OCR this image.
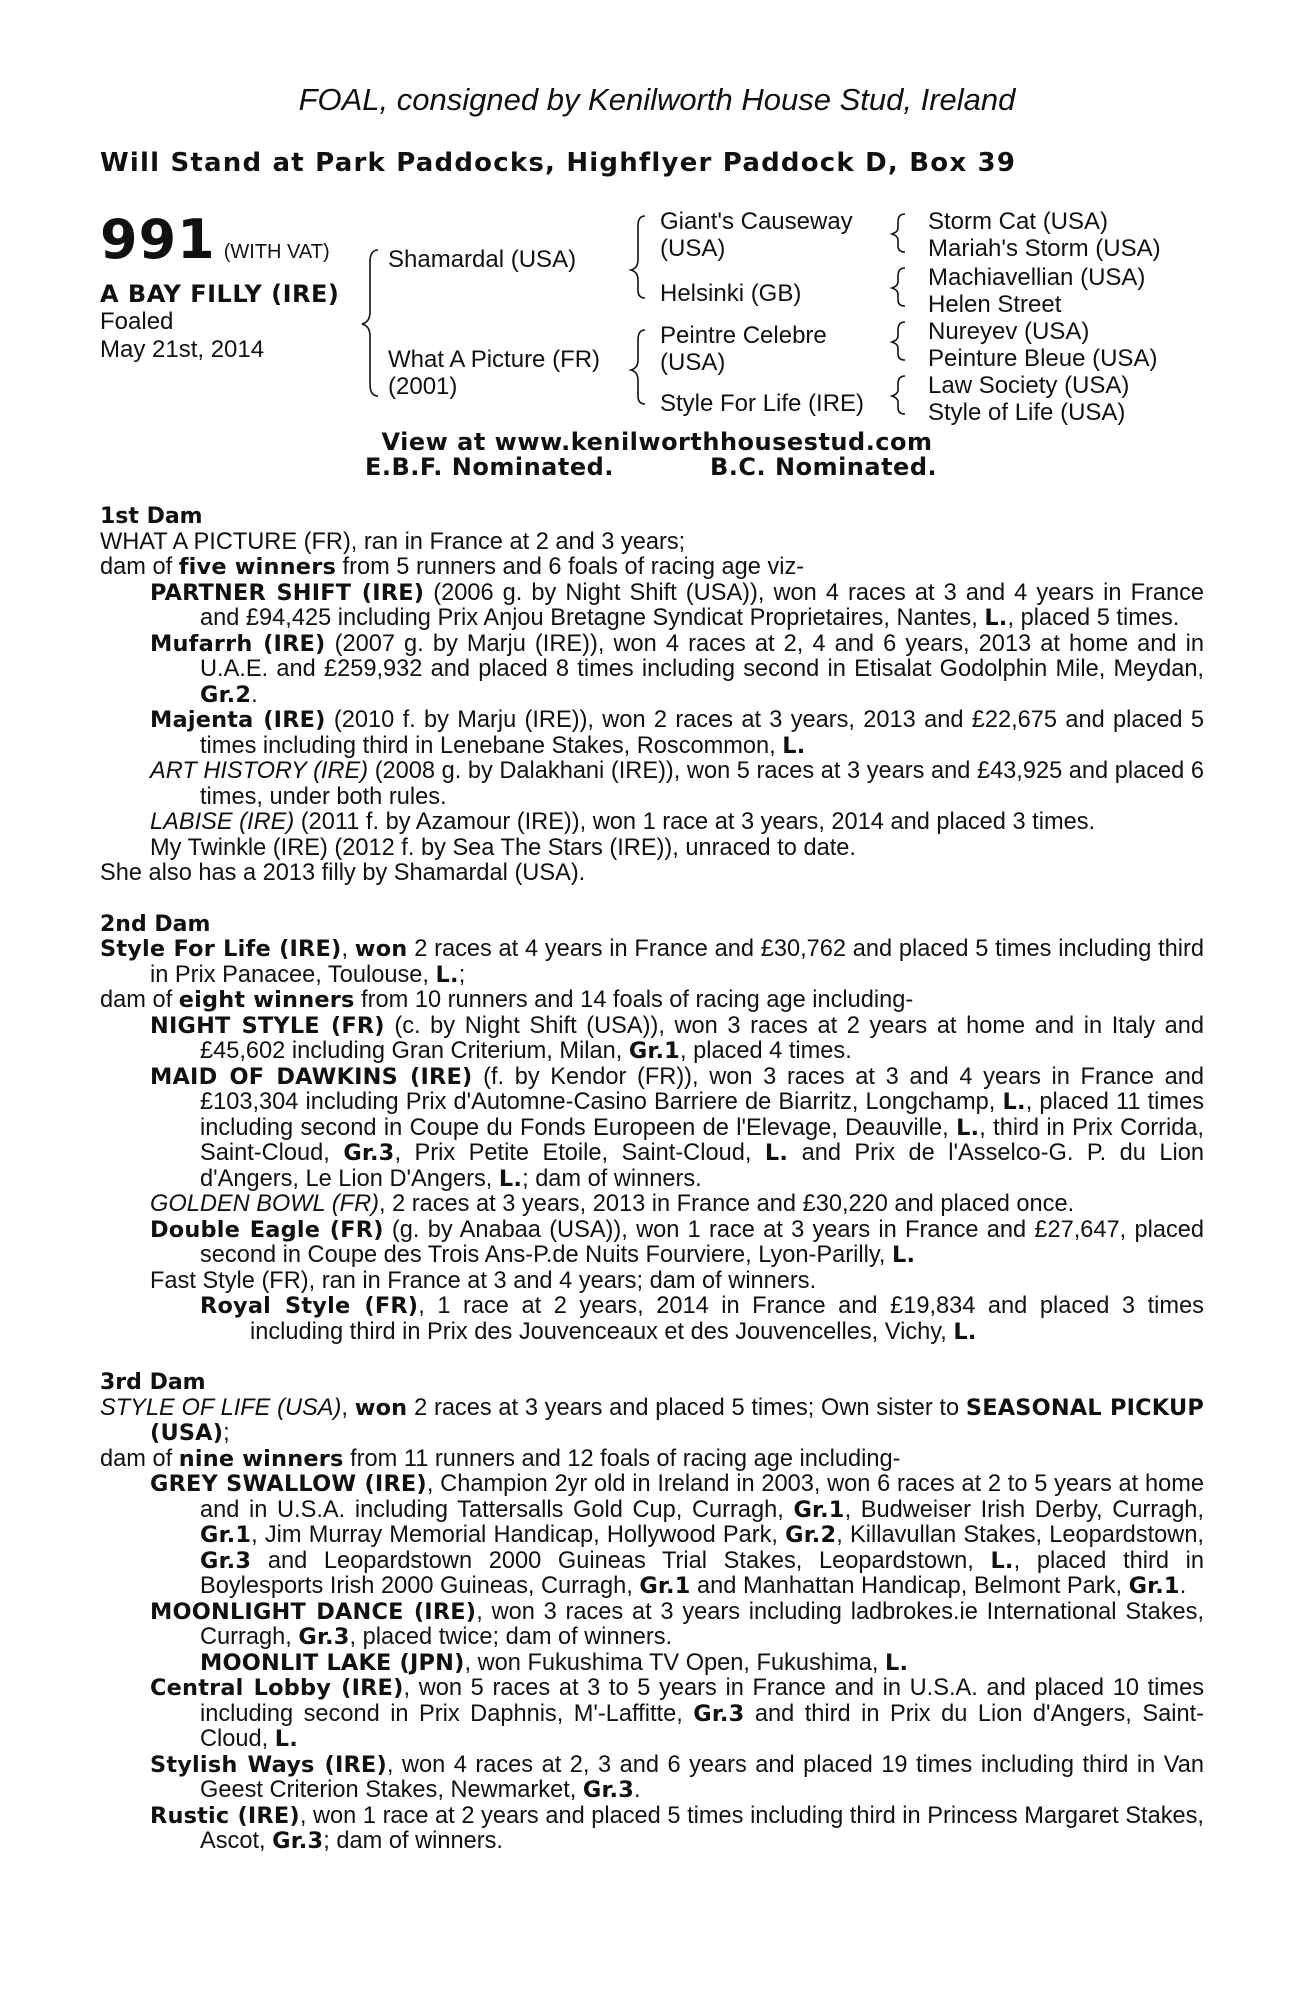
FOAL, consigned by Kenilworth House Stud, Ireland
Will Stand at Park Paddocks, Highflyer Paddock D, Box 39
991 (WITH VAT)
A BAY FILLY (IRE)
Foaled
May 21st, 2014
Shamardal (USA)
What A Picture (FR)
(2001)
Giant's Causeway
(USA)
Helsinki (GB)
Peintre Celebre
(USA)
Style For Life (IRE)
Storm Cat (USA)
Mariah's Storm (USA)
Machiavellian (USA)
Helen Street
Nureyev (USA)
Peinture Bleue (USA)
Law Society (USA)
Style of Life (USA)
View at www.kenilworthhousestud.com
E.B.F. Nominated.	B.C. Nominated.

1st Dam

WHAT A PICTURE (FR), ran in France at 2 and 3 years;

dam of five winners from 5 runners and 6 foals of racing age viz-

PARTNER SHIFT (IRE) (2006 g. by Night Shift (USA)), won 4 races at 3 and 4 years in France and £94,425 including Prix Anjou Bretagne Syndicat Proprietaires, Nantes, L., placed 5 times.

Mufarrh (IRE) (2007 g. by Marju (IRE)), won 4 races at 2, 4 and 6 years, 2013 at home and in U.A.E. and £259,932 and placed 8 times including second in Etisalat Godolphin Mile, Meydan, Gr.2.

Majenta (IRE) (2010 f. by Marju (IRE)), won 2 races at 3 years, 2013 and £22,675 and placed 5 times including third in Lenebane Stakes, Roscommon, L.

ART HISTORY (IRE) (2008 g. by Dalakhani (IRE)), won 5 races at 3 years and £43,925 and placed 6 times, under both rules.

LABISE (IRE) (2011 f. by Azamour (IRE)), won 1 race at 3 years, 2014 and placed 3 times.

My Twinkle (IRE) (2012 f. by Sea The Stars (IRE)), unraced to date.

She also has a 2013 filly by Shamardal (USA).

2nd Dam

Style For Life (IRE), won 2 races at 4 years in France and £30,762 and placed 5 times including third in Prix Panacee, Toulouse, L.;

dam of eight winners from 10 runners and 14 foals of racing age including-

NIGHT STYLE (FR) (c. by Night Shift (USA)), won 3 races at 2 years at home and in Italy and £45,602 including Gran Criterium, Milan, Gr.1, placed 4 times.

MAID OF DAWKINS (IRE) (f. by Kendor (FR)), won 3 races at 3 and 4 years in France and £103,304 including Prix d'Automne-Casino Barriere de Biarritz, Longchamp, L., placed 11 times including second in Coupe du Fonds Europeen de l'Elevage, Deauville, L., third in Prix Corrida, Saint-Cloud, Gr.3, Prix Petite Etoile, Saint-Cloud, L. and Prix de l'Asselco-G. P. du Lion d'Angers, Le Lion D'Angers, L.; dam of winners.

GOLDEN BOWL (FR), 2 races at 3 years, 2013 in France and £30,220 and placed once.

Double Eagle (FR) (g. by Anabaa (USA)), won 1 race at 3 years in France and £27,647, placed second in Coupe des Trois Ans-P.de Nuits Fourviere, Lyon-Parilly, L.

Fast Style (FR), ran in France at 3 and 4 years; dam of winners.

Royal Style (FR), 1 race at 2 years, 2014 in France and £19,834 and placed 3 times including third in Prix des Jouvenceaux et des Jouvencelles, Vichy, L.

3rd Dam

STYLE OF LIFE (USA), won 2 races at 3 years and placed 5 times; Own sister to SEASONAL PICKUP (USA);

dam of nine winners from 11 runners and 12 foals of racing age including-

GREY SWALLOW (IRE), Champion 2yr old in Ireland in 2003, won 6 races at 2 to 5 years at home and in U.S.A. including Tattersalls Gold Cup, Curragh, Gr.1, Budweiser Irish Derby, Curragh, Gr.1, Jim Murray Memorial Handicap, Hollywood Park, Gr.2, Killavullan Stakes, Leopardstown, Gr.3 and Leopardstown 2000 Guineas Trial Stakes, Leopardstown, L., placed third in Boylesports Irish 2000 Guineas, Curragh, Gr.1 and Manhattan Handicap, Belmont Park, Gr.1.

MOONLIGHT DANCE (IRE), won 3 races at 3 years including ladbrokes.ie International Stakes, Curragh, Gr.3, placed twice; dam of winners.

MOONLIT LAKE (JPN), won Fukushima TV Open, Fukushima, L.

Central Lobby (IRE), won 5 races at 3 to 5 years in France and in U.S.A. and placed 10 times including second in Prix Daphnis, M'-Laffitte, Gr.3 and third in Prix du Lion d'Angers, Saint-Cloud, L.

Stylish Ways (IRE), won 4 races at 2, 3 and 6 years and placed 19 times including third in Van Geest Criterion Stakes, Newmarket, Gr.3.

Rustic (IRE), won 1 race at 2 years and placed 5 times including third in Princess Margaret Stakes, Ascot, Gr.3; dam of winners.
